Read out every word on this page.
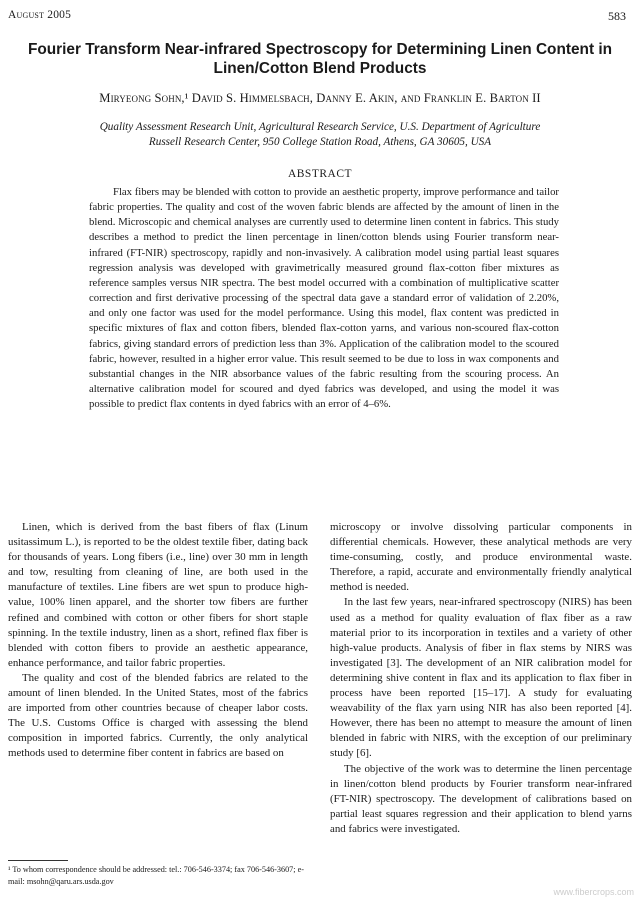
August 2005	583
Fourier Transform Near-infrared Spectroscopy for Determining Linen Content in Linen/Cotton Blend Products
Miryeong Sohn,¹ David S. Himmelsbach, Danny E. Akin, and Franklin E. Barton II
Quality Assessment Research Unit, Agricultural Research Service, U.S. Department of Agriculture
Russell Research Center, 950 College Station Road, Athens, GA 30605, USA
ABSTRACT

Flax fibers may be blended with cotton to provide an aesthetic property, improve performance and tailor fabric properties. The quality and cost of the woven fabric blends are affected by the amount of linen in the blend. Microscopic and chemical analyses are currently used to determine linen content in fabrics. This study describes a method to predict the linen percentage in linen/cotton blends using Fourier transform near-infrared (FT-NIR) spectroscopy, rapidly and non-invasively. A calibration model using partial least squares regression analysis was developed with gravimetrically measured ground flax-cotton fiber mixtures as reference samples versus NIR spectra. The best model occurred with a combination of multiplicative scatter correction and first derivative processing of the spectral data gave a standard error of validation of 2.20%, and only one factor was used for the model performance. Using this model, flax content was predicted in specific mixtures of flax and cotton fibers, blended flax-cotton yarns, and various non-scoured flax-cotton fabrics, giving standard errors of prediction less than 3%. Application of the calibration model to the scoured fabric, however, resulted in a higher error value. This result seemed to be due to loss in wax components and substantial changes in the NIR absorbance values of the fabric resulting from the scouring process. An alternative calibration model for scoured and dyed fabrics was developed, and using the model it was possible to predict flax contents in dyed fabrics with an error of 4–6%.

Linen, which is derived from the bast fibers of flax (Linum usitassimum L.), is reported to be the oldest textile fiber, dating back for thousands of years. Long fibers (i.e., line) over 30 mm in length and tow, resulting from cleaning of line, are both used in the manufacture of textiles. Line fibers are wet spun to produce high-value, 100% linen apparel, and the shorter tow fibers are further refined and combined with cotton or other fibers for short staple spinning. In the textile industry, linen as a short, refined flax fiber is blended with cotton fibers to provide an aesthetic appearance, enhance performance, and tailor fabric properties.

The quality and cost of the blended fabrics are related to the amount of linen blended. In the United States, most of the fabrics are imported from other countries because of cheaper labor costs. The U.S. Customs Office is charged with assessing the blend composition in imported fabrics. Currently, the only analytical methods used to determine fiber content in fabrics are based on

microscopy or involve dissolving particular components in differential chemicals. However, these analytical methods are very time-consuming, costly, and produce environmental waste. Therefore, a rapid, accurate and environmentally friendly analytical method is needed.

In the last few years, near-infrared spectroscopy (NIRS) has been used as a method for quality evaluation of flax fiber as a raw material prior to its incorporation in textiles and a variety of other high-value products. Analysis of fiber in flax stems by NIRS was investigated [3]. The development of an NIR calibration model for determining shive content in flax and its application to flax fiber in process have been reported [15–17]. A study for evaluating weavability of the flax yarn using NIR has also been reported [4]. However, there has been no attempt to measure the amount of linen blended in fabric with NIRS, with the exception of our preliminary study [6].

The objective of the work was to determine the linen percentage in linen/cotton blend products by Fourier transform near-infrared (FT-NIR) spectroscopy. The development of calibrations based on partial least squares regression and their application to blend yarns and fabrics were investigated.

¹ To whom correspondence should be addressed: tel.: 706-546-3374; fax 706-546-3607; e-mail: msohn@qaru.ars.usda.gov
www.fibercrops.com
